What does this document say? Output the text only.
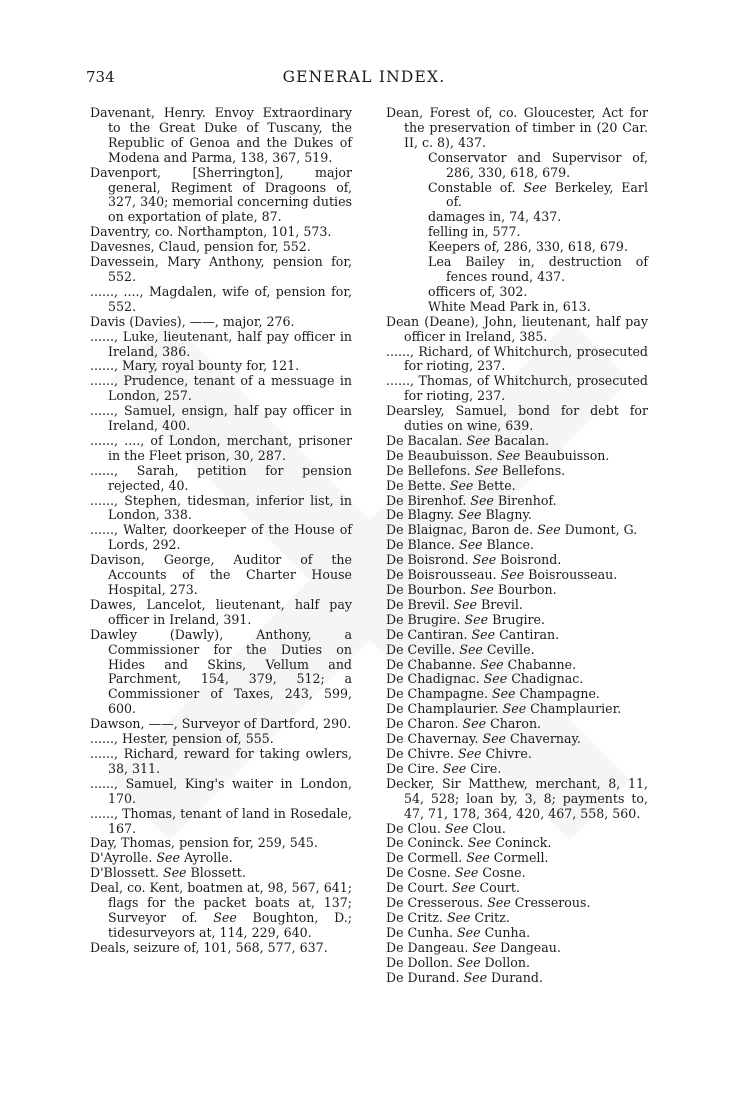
734	GENERAL INDEX.

Davenant, Henry. Envoy Extraordinary to the Great Duke of Tuscany, the Republic of Genoa and the Dukes of Modena and Parma, 138, 367, 519.

Davenport, [Sherrington], major general, Regiment of Dragoons of, 327, 340; memorial concerning duties on exportation of plate, 87.

Daventry, co. Northampton, 101, 573.

Davesnes, Claud, pension for, 552.

Davessein, Mary Anthony, pension for, 552.

......, ...., Magdalen, wife of, pension for, 552.

Davis (Davies), ——, major, 276.

......, Luke, lieutenant, half pay officer in Ireland, 386.

......, Mary, royal bounty for, 121.

......, Prudence, tenant of a messuage in London, 257.

......, Samuel, ensign, half pay officer in Ireland, 400.

......, ...., of London, merchant, prisoner in the Fleet prison, 30, 287.

......, Sarah, petition for pension rejected, 40.

......, Stephen, tidesman, inferior list, in London, 338.

......, Walter, doorkeeper of the House of Lords, 292.

Davison, George, Auditor of the Accounts of the Charter House Hospital, 273.

Dawes, Lancelot, lieutenant, half pay officer in Ireland, 391.

Dawley (Dawly), Anthony, a Commissioner for the Duties on Hides and Skins, Vellum and Parchment, 154, 379, 512; a Commissioner of Taxes, 243, 599, 600.

Dawson, ——, Surveyor of Dartford, 290.

......, Hester, pension of, 555.

......, Richard, reward for taking owlers, 38, 311.

......, Samuel, King's waiter in London, 170.

......, Thomas, tenant of land in Rosedale, 167.

Day, Thomas, pension for, 259, 545.

D'Ayrolle. See Ayrolle.

D'Blossett. See Blossett.

Deal, co. Kent, boatmen at, 98, 567, 641; flags for the packet boats at, 137; Surveyor of. See Boughton, D.; tidesurveyors at, 114, 229, 640.

Deals, seizure of, 101, 568, 577, 637.

Dean, Forest of, co. Gloucester, Act for the preservation of timber in (20 Car. II, c. 8), 437.

Conservator and Supervisor of, 286, 330, 618, 679.

Constable of. See Berkeley, Earl of.

damages in, 74, 437.

felling in, 577.

Keepers of, 286, 330, 618, 679.

Lea Bailey in, destruction of fences round, 437.

officers of, 302.

White Mead Park in, 613.

Dean (Deane), John, lieutenant, half pay officer in Ireland, 385.

......, Richard, of Whitchurch, prosecuted for rioting, 237.

......, Thomas, of Whitchurch, prosecuted for rioting, 237.

Dearsley, Samuel, bond for debt for duties on wine, 639.

De Bacalan. See Bacalan.

De Beaubuisson. See Beaubuisson.

De Bellefons. See Bellefons.

De Bette. See Bette.

De Birenhof. See Birenhof.

De Blagny. See Blagny.

De Blaignac, Baron de. See Dumont, G.

De Blance. See Blance.

De Boisrond. See Boisrond.

De Boisrousseau. See Boisrousseau.

De Bourbon. See Bourbon.

De Brevil. See Brevil.

De Brugire. See Brugire.

De Cantiran. See Cantiran.

De Ceville. See Ceville.

De Chabanne. See Chabanne.

De Chadignac. See Chadignac.

De Champagne. See Champagne.

De Champlaurier. See Champlaurier.

De Charon. See Charon.

De Chavernay. See Chavernay.

De Chivre. See Chivre.

De Cire. See Cire.

Decker, Sir Matthew, merchant, 8, 11, 54, 528; loan by, 3, 8; payments to, 47, 71, 178, 364, 420, 467, 558, 560.

De Clou. See Clou.

De Coninck. See Coninck.

De Cormell. See Cormell.

De Cosne. See Cosne.

De Court. See Court.

De Cresserous. See Cresserous.

De Critz. See Critz.

De Cunha. See Cunha.

De Dangeau. See Dangeau.

De Dollon. See Dollon.

De Durand. See Durand.
